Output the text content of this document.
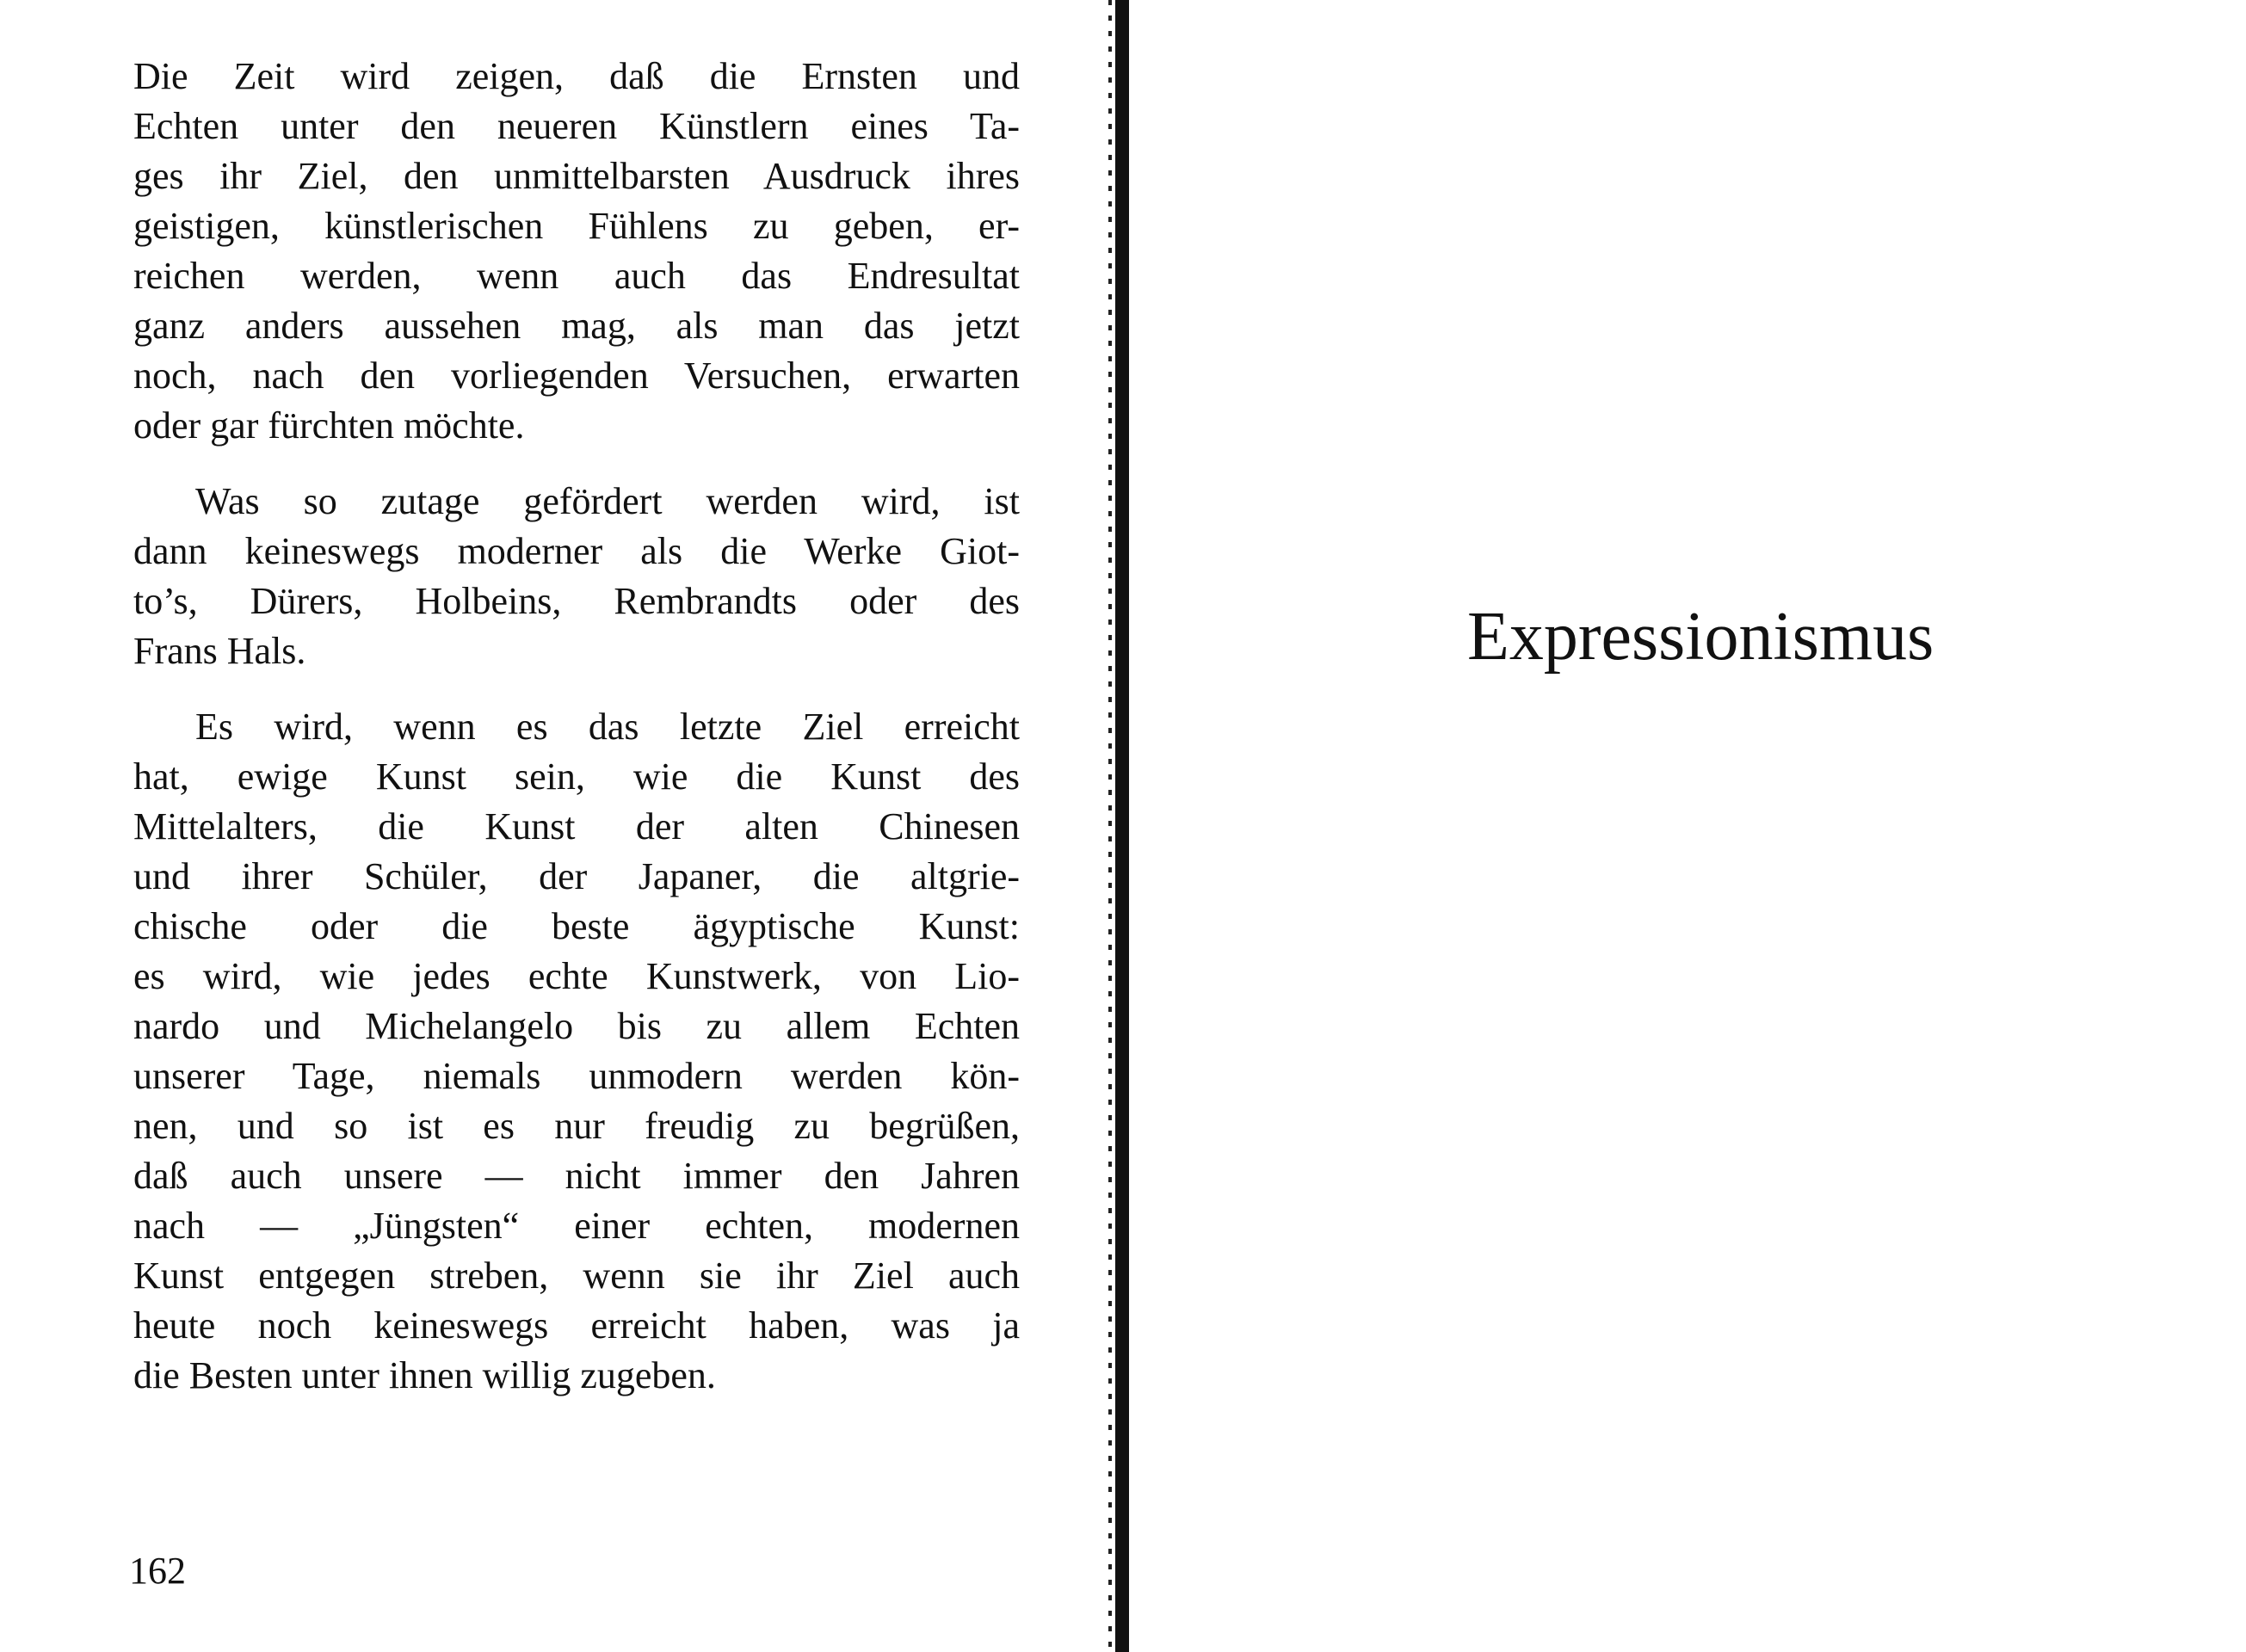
Die Zeit wird zeigen, daß die Ernsten und
Echten unter den neueren Künstlern eines Ta-
ges ihr Ziel, den unmittelbarsten Ausdruck ihres
geistigen, künstlerischen Fühlens zu geben, er-
reichen werden, wenn auch das Endresultat
ganz anders aussehen mag, als man das jetzt
noch, nach den vorliegenden Versuchen, erwarten
oder gar fürchten möchte.
Was so zutage gefördert werden wird, ist
dann keineswegs moderner als die Werke Giot-
to’s, Dürers, Holbeins, Rembrandts oder des
Frans Hals.
Es wird, wenn es das letzte Ziel erreicht
hat, ewige Kunst sein, wie die Kunst des
Mittelalters, die Kunst der alten Chinesen
und ihrer Schüler, der Japaner, die altgrie-
chische oder die beste ägyptische Kunst:
es wird, wie jedes echte Kunstwerk, von Lio-
nardo und Michelangelo bis zu allem Echten
unserer Tage, niemals unmodern werden kön-
nen, und so ist es nur freudig zu begrüßen,
daß auch unsere — nicht immer den Jahren
nach — „Jüngsten“ einer echten, modernen
Kunst entgegen streben, wenn sie ihr Ziel auch
heute noch keineswegs erreicht haben, was ja
die Besten unter ihnen willig zugeben.
162
Expressionismus
